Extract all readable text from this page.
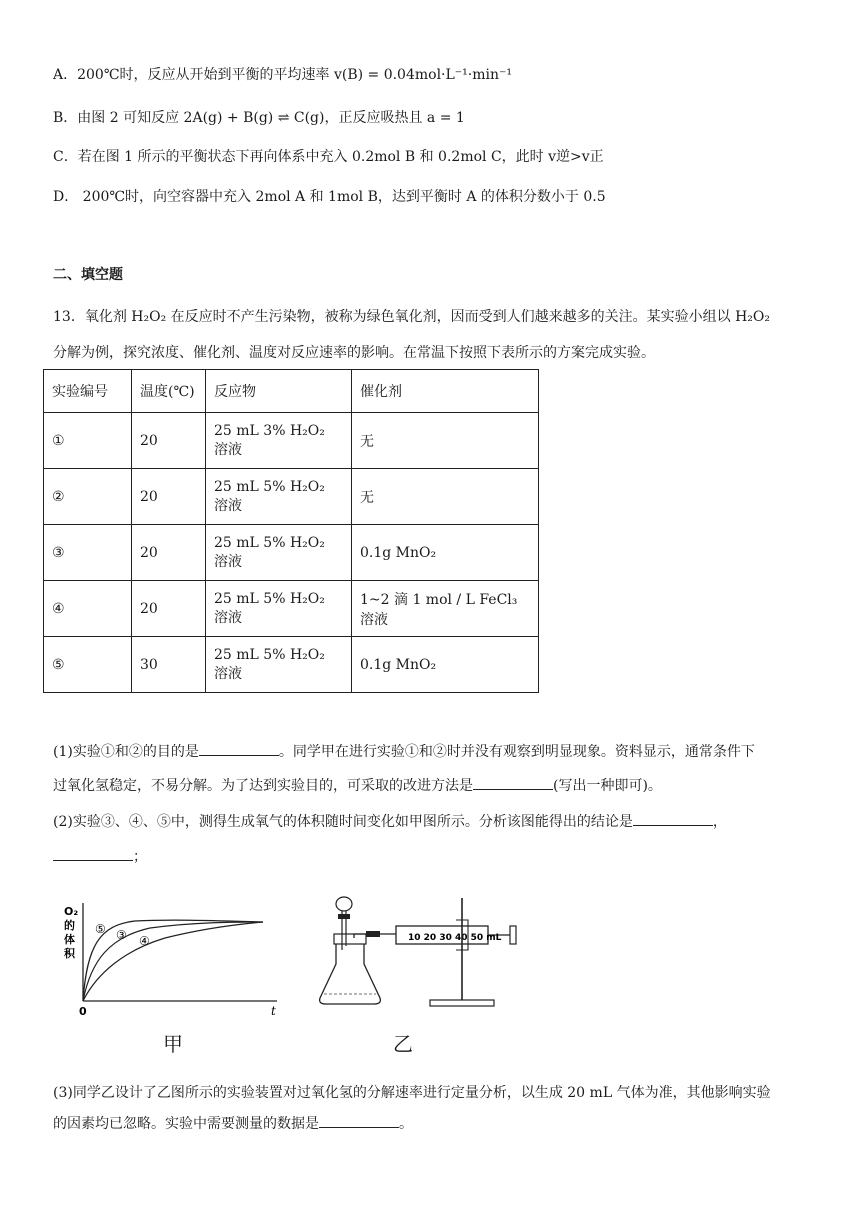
A．200℃时，反应从开始到平衡的平均速率 v(B) = 0.04mol·L⁻¹·min⁻¹
B．由图 2 可知反应 2A(g) + B(g) ⇌ C(g)，正反应吸热且 a = 1
C．若在图 1 所示的平衡状态下再向体系中充入 0.2mol B 和 0.2mol C，此时 v逆>v正
D． 200℃时，向空容器中充入 2mol A 和 1mol B，达到平衡时 A 的体积分数小于 0.5
二、填空题
13．氧化剂 H₂O₂ 在反应时不产生污染物，被称为绿色氧化剂，因而受到人们越来越多的关注。某实验小组以 H₂O₂
分解为例，探究浓度、催化剂、温度对反应速率的影响。在常温下按照下表所示的方案完成实验。
实验编号	温度(℃)	反应物	催化剂
①	20	25 mL 3% H₂O₂ 溶液	无
②	20	25 mL 5% H₂O₂ 溶液	无
③	20	25 mL 5% H₂O₂ 溶液	0.1g MnO₂
④	20	25 mL 5% H₂O₂ 溶液	1~2 滴 1 mol / L FeCl₃ 溶液
⑤	30	25 mL 5% H₂O₂ 溶液	0.1g MnO₂
(1)实验①和②的目的是	。同学甲在进行实验①和②时并没有观察到明显现象。资料显示，通常条件下
过氧化氢稳定，不易分解。为了达到实验目的，可采取的改进方法是	(写出一种即可)。
(2)实验③、④、⑤中，测得生成氧气的体积随时间变化如甲图所示。分析该图能得出的结论是	，
；
O₂ 的 体 积
0	t
⑤ ③ ④
甲
10 20 30 40 50 mL
乙
(3)同学乙设计了乙图所示的实验装置对过氧化氢的分解速率进行定量分析，以生成 20 mL 气体为准，其他影响实验
的因素均已忽略。实验中需要测量的数据是	。
